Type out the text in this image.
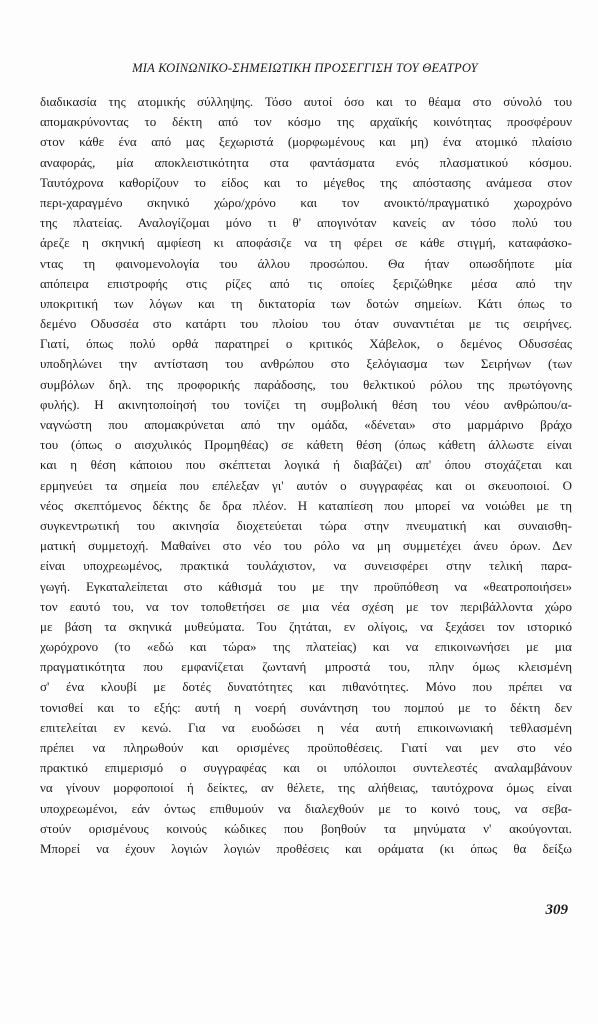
ΜΙΑ ΚΟΙΝΩΝΙΚΟ-ΣΗΜΕΙΩΤΙΚΗ ΠΡΟΣΕΓΓΙΣΗ ΤΟΥ ΘΕΑΤΡΟΥ
διαδικασία της ατομικής σύλληψης. Τόσο αυτοί όσο και το θέαμα στο σύνολό του
απομακρύνοντας το δέκτη από τον κόσμο της αρχαϊκής κοινότητας προσφέρουν
στον κάθε ένα από μας ξεχωριστά (μορφωμένους και μη) ένα ατομικό πλαίσιο
αναφοράς, μία αποκλειστικότητα στα φαντάσματα ενός πλασματικού κόσμου.
Ταυτόχρονα καθορίζουν το είδος και το μέγεθος της απόστασης ανάμεσα στον
περι-χαραγμένο σκηνικό χώρο/χρόνο και τον ανοικτό/πραγματικό χωροχρόνο
της πλατείας. Αναλογίζομαι μόνο τι θ' απογινόταν κανείς αν τόσο πολύ του
άρεζε η σκηνική αμφίεση κι αποφάσιζε να τη φέρει σε κάθε στιγμή, καταφάσκο-
ντας τη φαινομενολογία του άλλου προσώπου. Θα ήταν οπωσδήποτε μία
απόπειρα επιστροφής στις ρίζες από τις οποίες ξεριζώθηκε μέσα από την
υποκριτική των λόγων και τη δικτατορία των δοτών σημείων. Κάτι όπως το
δεμένο Οδυσσέα στο κατάρτι του πλοίου του όταν συναντιέται με τις σειρήνες.
Γιατί, όπως πολύ ορθά παρατηρεί ο κριτικός Χάβελοκ, ο δεμένος Οδυσσέας
υποδηλώνει την αντίσταση του ανθρώπου στο ξελόγιασμα των Σειρήνων (των
συμβόλων δηλ. της προφορικής παράδοσης, του θελκτικού ρόλου της πρωτόγονης
φυλής). Η ακινητοποίησή του τονίζει τη συμβολική θέση του νέου ανθρώπου/α-
ναγνώστη που απομακρύνεται από την ομάδα, «δένεται» στο μαρμάρινο βράχο
του (όπως ο αισχυλικός Προμηθέας) σε κάθετη θέση (όπως κάθετη άλλωστε είναι
και η θέση κάποιου που σκέπτεται λογικά ή διαβάζει) απ' όπου στοχάζεται και
ερμηνεύει τα σημεία που επέλεξαν γι' αυτόν ο συγγραφέας και οι σκευοποιοί. Ο
νέος σκεπτόμενος δέκτης δε δρα πλέον. Η καταπίεση που μπορεί να νοιώθει με τη
συγκεντρωτική του ακινησία διοχετεύεται τώρα στην πνευματική και συναισθη-
ματική συμμετοχή. Μαθαίνει στο νέο του ρόλο να μη συμμετέχει άνευ όρων. Δεν
είναι υποχρεωμένος, πρακτικά τουλάχιστον, να συνεισφέρει στην τελική παρα-
γωγή. Εγκαταλείπεται στο κάθισμά του με την προϋπόθεση να «θεατροποιήσει»
τον εαυτό του, να τον τοποθετήσει σε μια νέα σχέση με τον περιβάλλοντα χώρο
με βάση τα σκηνικά μυθεύματα. Του ζητάται, εν ολίγοις, να ξεχάσει τον ιστορικό
χωρόχρονο (το «εδώ και τώρα» της πλατείας) και να επικοινωνήσει με μια
πραγματικότητα που εμφανίζεται ζωντανή μπροστά του, πλην όμως κλεισμένη
σ' ένα κλουβί με δοτές δυνατότητες και πιθανότητες. Μόνο που πρέπει να
τονισθεί και το εξής: αυτή η νοερή συνάντηση του πομπού με το δέκτη δεν
επιτελείται εν κενώ. Για να ευοδώσει η νέα αυτή επικοινωνιακή τεθλασμένη
πρέπει να πληρωθούν και ορισμένες προϋποθέσεις. Γιατί ναι μεν στο νέο
πρακτικό επιμερισμό ο συγγραφέας και οι υπόλοιποι συντελεστές αναλαμβάνουν
να γίνουν μορφοποιοί ή δείκτες, αν θέλετε, της αλήθειας, ταυτόχρονα όμως είναι
υποχρεωμένοι, εάν όντως επιθυμούν να διαλεχθούν με το κοινό τους, να σεβα-
στούν ορισμένους κοινούς κώδικες που βοηθούν τα μηνύματα ν' ακούγονται.
Μπορεί να έχουν λογιών λογιών προθέσεις και οράματα (κι όπως θα δείξω
309
